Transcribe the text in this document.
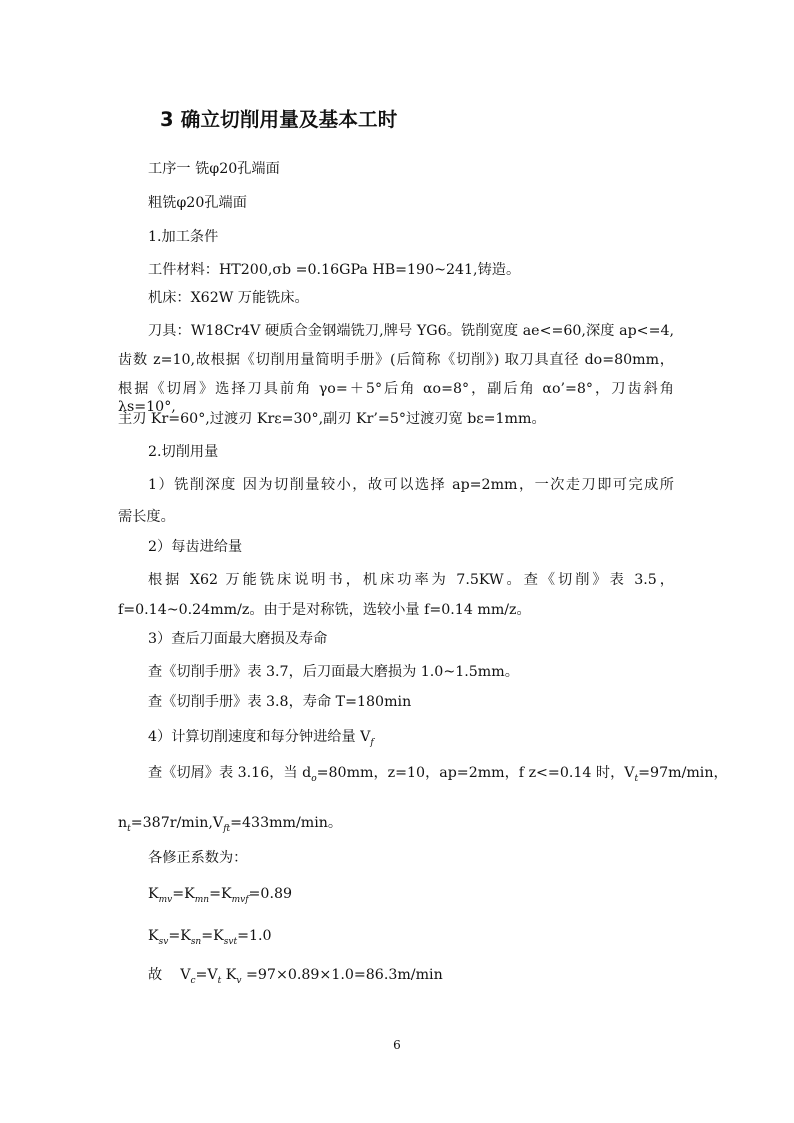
3 确立切削用量及基本工时
工序一 铣φ20孔端面
粗铣φ20孔端面
1.加工条件
工件材料：HT200,σb =0.16GPa HB=190~241,铸造。
机床：X62W 万能铣床。
刀具：W18Cr4V 硬质合金钢端铣刀,牌号 YG6。铣削宽度 ae<=60,深度 ap<=4,
齿数 z=10,故根据《切削用量简明手册》(后简称《切削》) 取刀具直径 do=80mm，
根据《切屑》选择刀具前角 γo=＋5°后角 αo=8°，副后角 αo’=8°，刀齿斜角 λs=10°,
主刃 Kr=60°,过渡刃 Krε=30°,副刃 Kr’=5°过渡刃宽 bε=1mm。
2.切削用量
1）铣削深度 因为切削量较小，故可以选择 ap=2mm，一次走刀即可完成所
需长度。
2）每齿进给量
根据 X62 万能铣床说明书，机床功率为 7.5KW。查《切削》表 3.5，
f=0.14~0.24mm/z。由于是对称铣，选较小量 f=0.14 mm/z。
3）查后刀面最大磨损及寿命
查《切削手册》表 3.7，后刀面最大磨损为 1.0~1.5mm。
查《切削手册》表 3.8，寿命 T=180min
4）计算切削速度和每分钟进给量 $V_f$
查《切屑》表 3.16，当 $d_o=80mm$，z=10，ap=2mm，f z<=0.14 时，$V_t=97m/\min$，
$n_t=387r/\min,V_{ft}=433mm/\min$。
各修正系数为：
$K_{mv}=K_{mn}=K_{mvf}=0.89$
$K_{sv}=K_{sn}=K_{svt}=1.0$
故    $V_c=V_t$ $K_v =97\times 0.89\times 1.0=86.3m/\min$
6
